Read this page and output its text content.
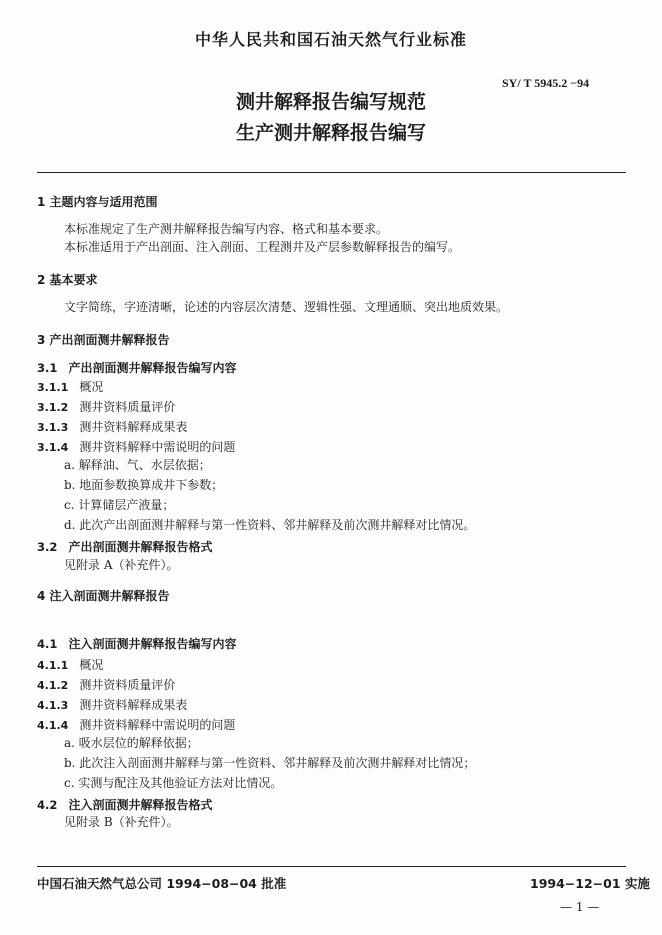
中华人民共和国石油天然气行业标准
SY/ T 5945.2 −94
测井解释报告编写规范
生产测井解释报告编写
1 主题内容与适用范围
本标准规定了生产测井解释报告编写内容、格式和基本要求。
本标准适用于产出剖面、注入剖面、工程测井及产层参数解释报告的编写。
2 基本要求
文字简练，字迹清晰，论述的内容层次清楚、逻辑性强、文理通顺、突出地质效果。
3 产出剖面测井解释报告
3.1 产出剖面测井解释报告编写内容
3.1.1 概况
3.1.2 测井资料质量评价
3.1.3 测井资料解释成果表
3.1.4 测井资料解释中需说明的问题
a. 解释油、气、水层依据；
b. 地面参数换算成井下参数；
c. 计算储层产液量；
d. 此次产出剖面测井解释与第一性资料、邻井解释及前次测井解释对比情况。
3.2 产出剖面测井解释报告格式
见附录 A（补充件）。
4 注入剖面测井解释报告
4.1 注入剖面测井解释报告编写内容
4.1.1 概况
4.1.2 测井资料质量评价
4.1.3 测井资料解释成果表
4.1.4 测井资料解释中需说明的问题
a. 吸水层位的解释依据；
b. 此次注入剖面测井解释与第一性资料、邻井解释及前次测井解释对比情况；
c. 实测与配注及其他验证方法对比情况。
4.2 注入剖面测井解释报告格式
见附录 B（补充件）。
中国石油天然气总公司 1994−08−04 批准	1994−12−01 实施
— 1 —
